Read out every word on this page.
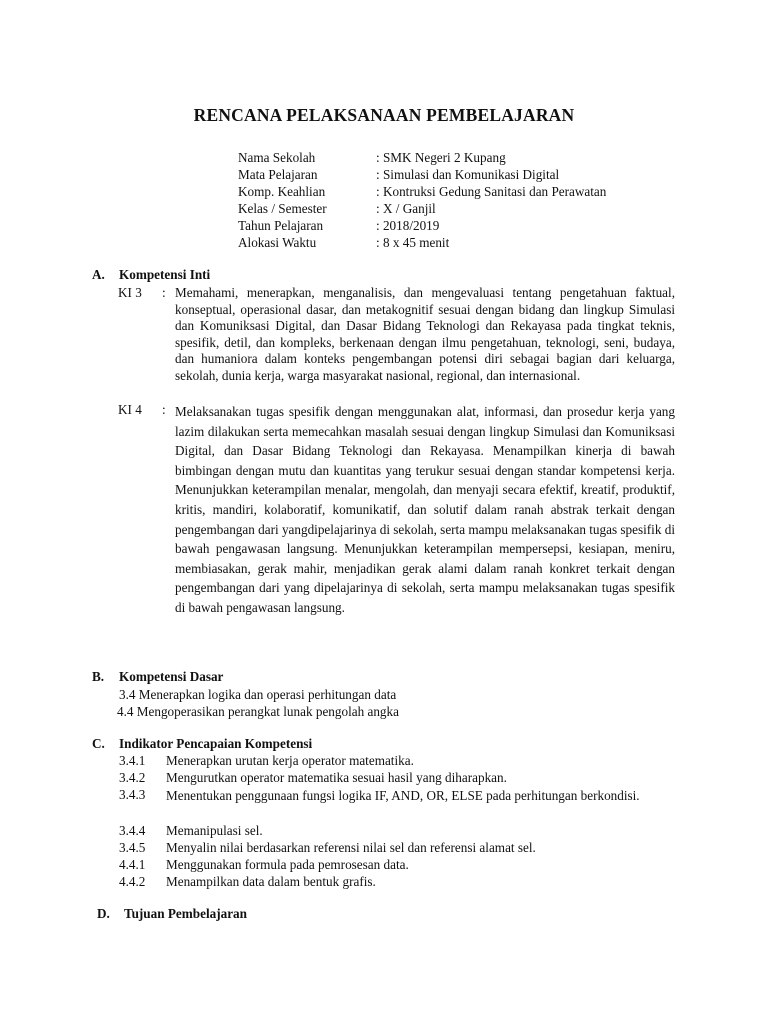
RENCANA PELAKSANAAN PEMBELAJARAN
Nama Sekolah	: SMK Negeri 2 Kupang
Mata Pelajaran	: Simulasi dan Komunikasi Digital
Komp. Keahlian	: Kontruksi Gedung Sanitasi dan Perawatan
Kelas / Semester	: X / Ganjil
Tahun Pelajaran	: 2018/2019
Alokasi Waktu	: 8 x 45 menit
A. Kompetensi Inti
KI 3 : Memahami, menerapkan, menganalisis, dan mengevaluasi tentang pengetahuan faktual, konseptual, operasional dasar, dan metakognitif sesuai dengan bidang dan lingkup Simulasi dan Komuniksasi Digital, dan Dasar Bidang Teknologi dan Rekayasa pada tingkat teknis, spesifik, detil, dan kompleks, berkenaan dengan ilmu pengetahuan, teknologi, seni, budaya, dan humaniora dalam konteks pengembangan potensi diri sebagai bagian dari keluarga, sekolah, dunia kerja, warga masyarakat nasional, regional, dan internasional.
KI 4 : Melaksanakan tugas spesifik dengan menggunakan alat, informasi, dan prosedur kerja yang lazim dilakukan serta memecahkan masalah sesuai dengan lingkup Simulasi dan Komuniksasi Digital, dan Dasar Bidang Teknologi dan Rekayasa. Menampilkan kinerja di bawah bimbingan dengan mutu dan kuantitas yang terukur sesuai dengan standar kompetensi kerja. Menunjukkan keterampilan menalar, mengolah, dan menyaji secara efektif, kreatif, produktif, kritis, mandiri, kolaboratif, komunikatif, dan solutif dalam ranah abstrak terkait dengan pengembangan dari yangdipelajarinya di sekolah, serta mampu melaksanakan tugas spesifik di bawah pengawasan langsung. Menunjukkan keterampilan mempersepsi, kesiapan, meniru, membiasakan, gerak mahir, menjadikan gerak alami dalam ranah konkret terkait dengan pengembangan dari yang dipelajarinya di sekolah, serta mampu melaksanakan tugas spesifik di bawah pengawasan langsung.
B. Kompetensi Dasar
3.4 Menerapkan logika dan operasi perhitungan data
4.4 Mengoperasikan perangkat lunak pengolah angka
C. Indikator Pencapaian Kompetensi
3.4.1 Menerapkan urutan kerja operator matematika.
3.4.2 Mengurutkan operator matematika sesuai hasil yang diharapkan.
3.4.3 Menentukan penggunaan fungsi logika IF, AND, OR, ELSE pada perhitungan berkondisi.
3.4.4 Memanipulasi sel.
3.4.5 Menyalin nilai berdasarkan referensi nilai sel dan referensi alamat sel.
4.4.1 Menggunakan formula pada pemrosesan data.
4.4.2 Menampilkan data dalam bentuk grafis.
D. Tujuan Pembelajaran
